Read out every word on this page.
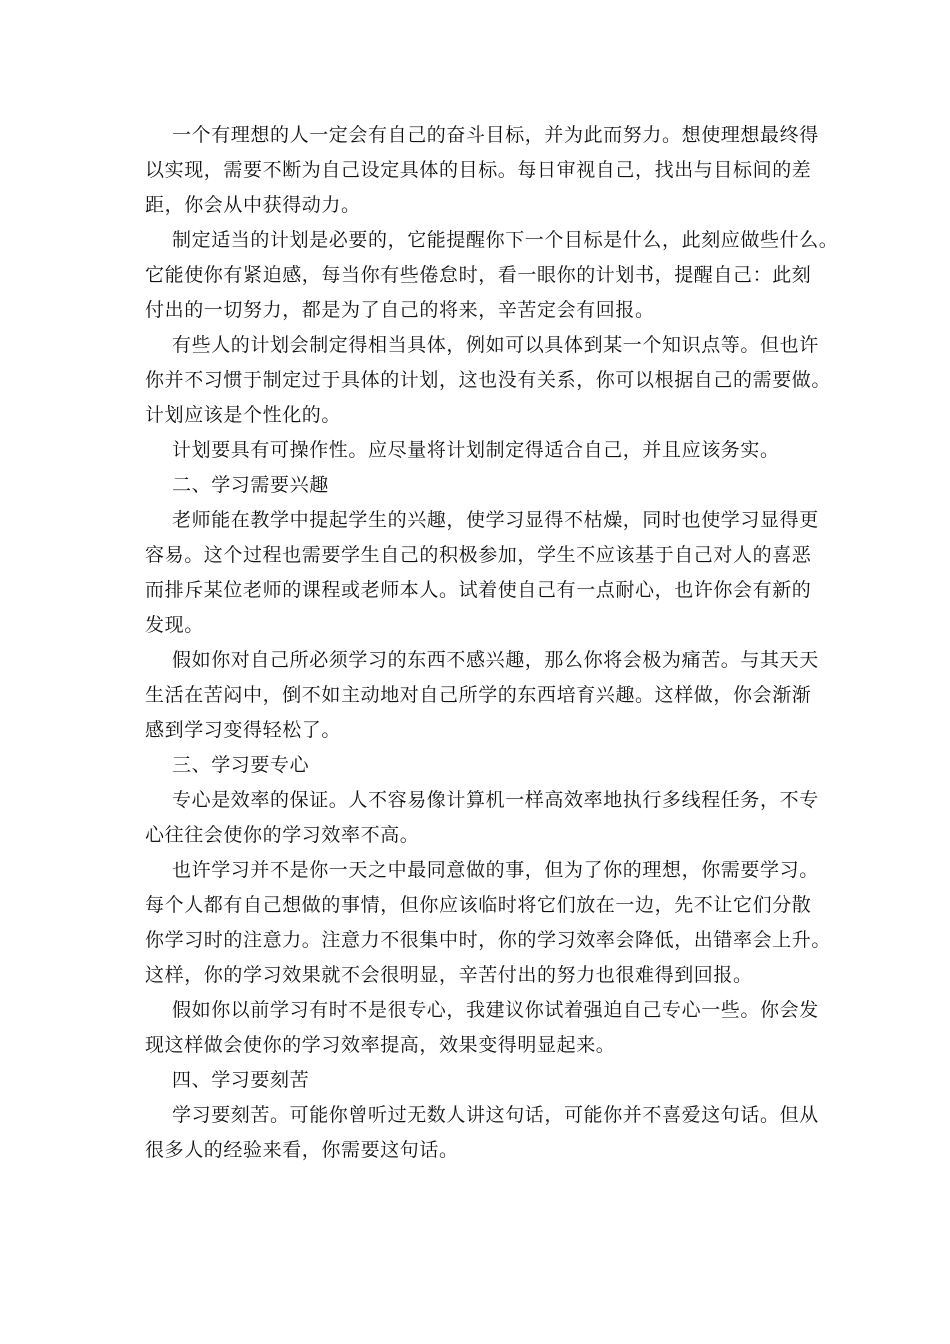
一个有理想的人一定会有自己的奋斗目标，并为此而努力。想使理想最终得
以实现，需要不断为自己设定具体的目标。每日审视自己，找出与目标间的差
距，你会从中获得动力。
制定适当的计划是必要的，它能提醒你下一个目标是什么，此刻应做些什么。
它能使你有紧迫感，每当你有些倦怠时，看一眼你的计划书，提醒自己：此刻
付出的一切努力，都是为了自己的将来，辛苦定会有回报。
有些人的计划会制定得相当具体，例如可以具体到某一个知识点等。但也许
你并不习惯于制定过于具体的计划，这也没有关系，你可以根据自己的需要做。
计划应该是个性化的。
计划要具有可操作性。应尽量将计划制定得适合自己，并且应该务实。
二、学习需要兴趣
老师能在教学中提起学生的兴趣，使学习显得不枯燥，同时也使学习显得更
容易。这个过程也需要学生自己的积极参加，学生不应该基于自己对人的喜恶
而排斥某位老师的课程或老师本人。试着使自己有一点耐心，也许你会有新的
发现。
假如你对自己所必须学习的东西不感兴趣，那么你将会极为痛苦。与其天天
生活在苦闷中，倒不如主动地对自己所学的东西培育兴趣。这样做，你会渐渐
感到学习变得轻松了。
三、学习要专心
专心是效率的保证。人不容易像计算机一样高效率地执行多线程任务，不专
心往往会使你的学习效率不高。
也许学习并不是你一天之中最同意做的事，但为了你的理想，你需要学习。
每个人都有自己想做的事情，但你应该临时将它们放在一边，先不让它们分散
你学习时的注意力。注意力不很集中时，你的学习效率会降低，出错率会上升。
这样，你的学习效果就不会很明显，辛苦付出的努力也很难得到回报。
假如你以前学习有时不是很专心，我建议你试着强迫自己专心一些。你会发
现这样做会使你的学习效率提高，效果变得明显起来。
四、学习要刻苦
学习要刻苦。可能你曾听过无数人讲这句话，可能你并不喜爱这句话。但从
很多人的经验来看，你需要这句话。
